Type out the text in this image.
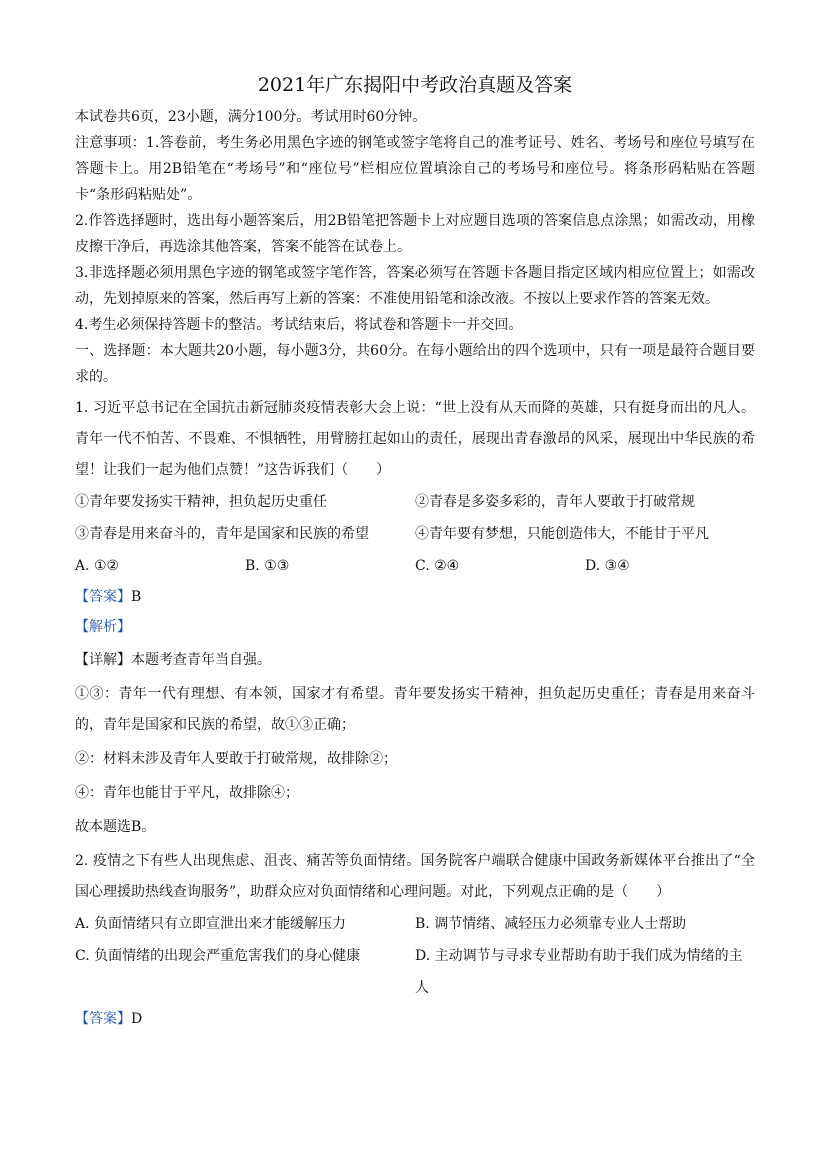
2021年广东揭阳中考政治真题及答案

本试卷共6页，23小题，满分100分。考试用时60分钟。

注意事项：1.答卷前，考生务必用黑色字迹的钢笔或签字笔将自己的准考证号、姓名、考场号和座位号填写在答题卡上。用2B铅笔在“考场号”和“座位号”栏相应位置填涂自己的考场号和座位号。将条形码粘贴在答题卡“条形码粘贴处”。

2.作答选择题时，选出每小题答案后，用2B铅笔把答题卡上对应题目选项的答案信息点涂黑；如需改动，用橡皮擦干净后，再选涂其他答案，答案不能答在试卷上。

3.非选择题必须用黑色字迹的钢笔或签字笔作答，答案必须写在答题卡各题目指定区域内相应位置上；如需改动，先划掉原来的答案，然后再写上新的答案：不准使用铅笔和涂改液。不按以上要求作答的答案无效。

4.考生必须保持答题卡的整洁。考试结束后，将试卷和答题卡一并交回。

一、选择题：本大题共20小题，每小题3分，共60分。在每小题给出的四个选项中，只有一项是最符合题目要求的。

1. 习近平总书记在全国抗击新冠肺炎疫情表彰大会上说：“世上没有从天而降的英雄，只有挺身而出的凡人。青年一代不怕苦、不畏难、不惧牺牲，用臂膀扛起如山的责任，展现出青春激昂的风采，展现出中华民族的希望！让我们一起为他们点赞！”这告诉我们（　　）

①青年要发扬实干精神，担负起历史重任	②青春是多姿多彩的，青年人要敢于打破常规
③青春是用来奋斗的，青年是国家和民族的希望	④青年要有梦想，只能创造伟大，不能甘于平凡
A. ①②	B. ①③	C. ②④	D. ③④
【答案】B
【解析】

【详解】本题考查青年当自强。

①③：青年一代有理想、有本领，国家才有希望。青年要发扬实干精神，担负起历史重任；青春是用来奋斗的，青年是国家和民族的希望，故①③正确；

②：材料未涉及青年人要敢于打破常规，故排除②；

④：青年也能甘于平凡，故排除④；

故本题选B。

2. 疫情之下有些人出现焦虑、沮丧、痛苦等负面情绪。国务院客户端联合健康中国政务新媒体平台推出了“全国心理援助热线查询服务”，助群众应对负面情绪和心理问题。对此，下列观点正确的是（　　）

A. 负面情绪只有立即宣泄出来才能缓解压力	B. 调节情绪、减轻压力必须靠专业人士帮助
C. 负面情绪的出现会严重危害我们的身心健康	D. 主动调节与寻求专业帮助有助于我们成为情绪的主人
【答案】D
